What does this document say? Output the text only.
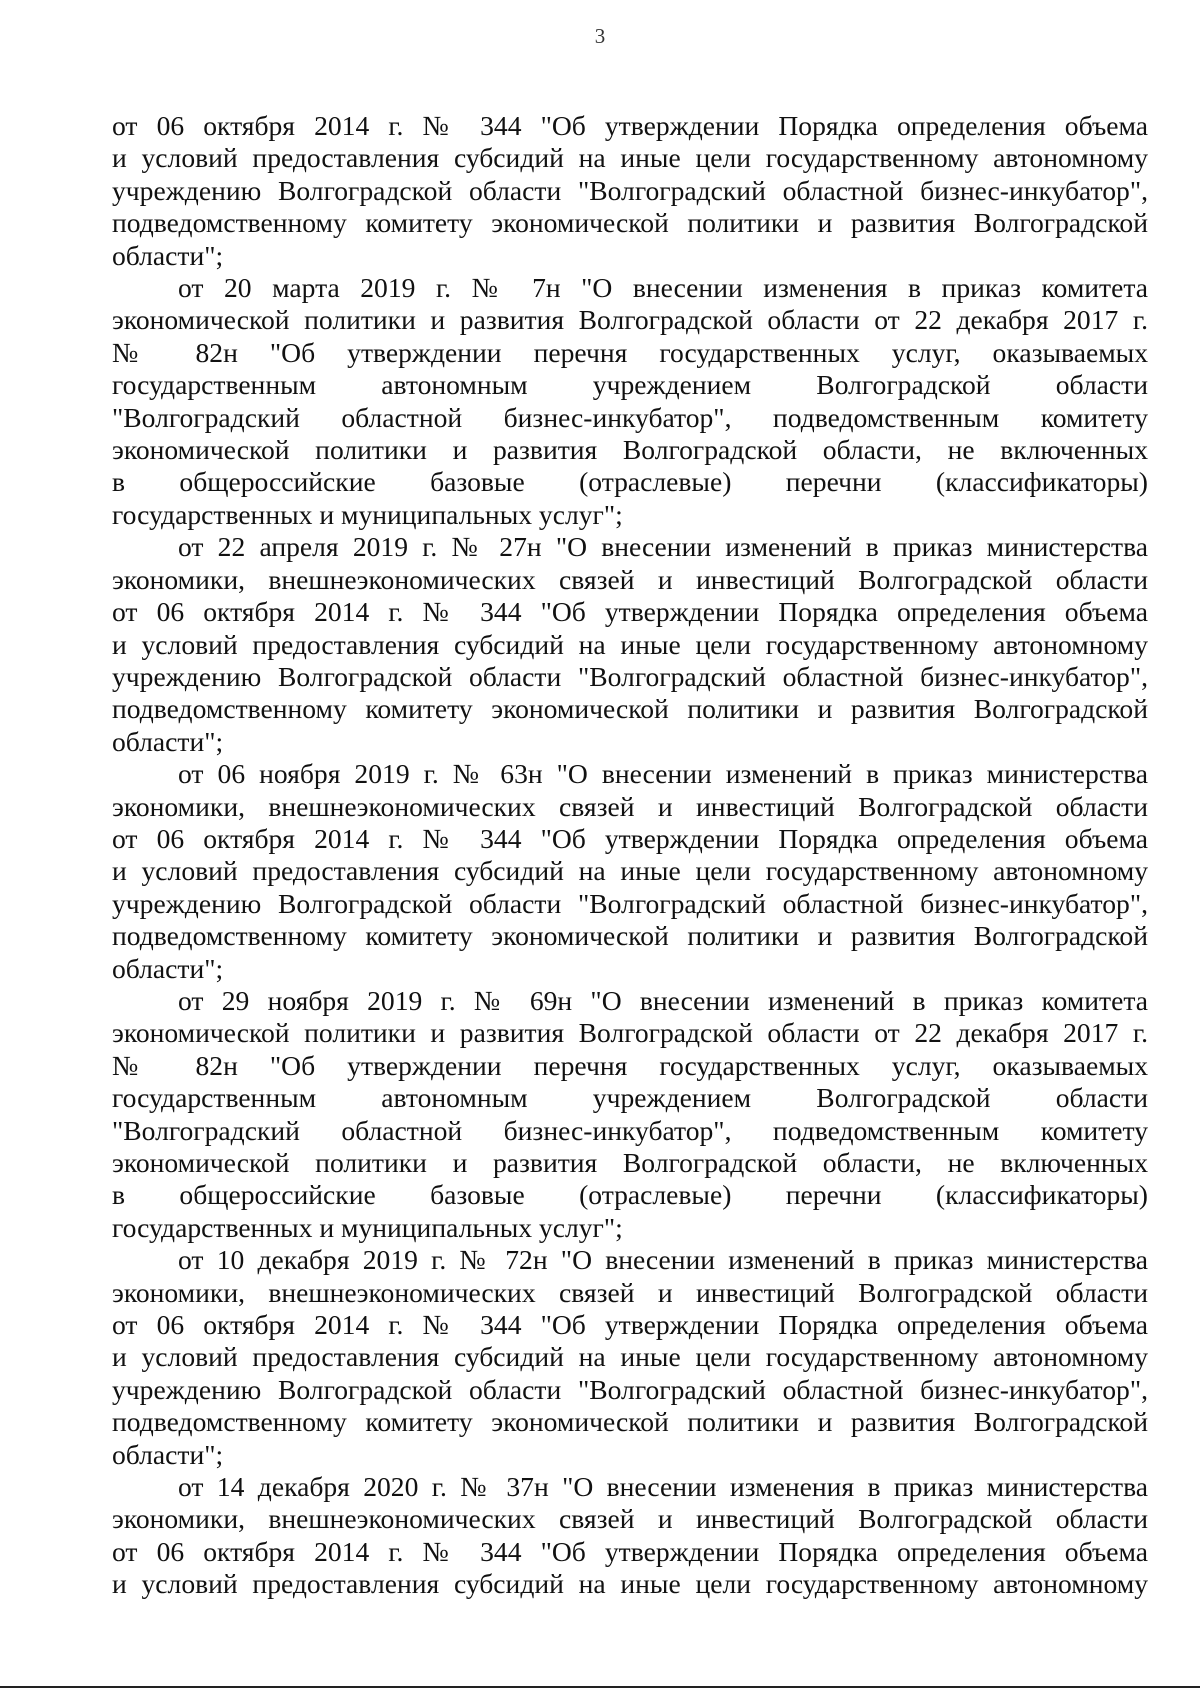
3

от 06 октября 2014 г. № 344 "Об утверждении Порядка определения объема
и условий предоставления субсидий на иные цели государственному автономному
учреждению Волгоградской области "Волгоградский областной бизнес-инкубатор",
подведомственному комитету экономической политики и развития Волгоградской
области";

от 20 марта 2019 г. № 7н "О внесении изменения в приказ комитета
экономической политики и развития Волгоградской области от 22 декабря 2017 г.
№ 82н "Об утверждении перечня государственных услуг, оказываемых
государственным автономным учреждением Волгоградской области
"Волгоградский областной бизнес-инкубатор", подведомственным комитету
экономической политики и развития Волгоградской области, не включенных
в общероссийские базовые (отраслевые) перечни (классификаторы)
государственных и муниципальных услуг";

от 22 апреля 2019 г. № 27н "О внесении изменений в приказ министерства
экономики, внешнеэкономических связей и инвестиций Волгоградской области
от 06 октября 2014 г. № 344 "Об утверждении Порядка определения объема
и условий предоставления субсидий на иные цели государственному автономному
учреждению Волгоградской области "Волгоградский областной бизнес-инкубатор",
подведомственному комитету экономической политики и развития Волгоградской
области";

от 06 ноября 2019 г. № 63н "О внесении изменений в приказ министерства
экономики, внешнеэкономических связей и инвестиций Волгоградской области
от 06 октября 2014 г. № 344 "Об утверждении Порядка определения объема
и условий предоставления субсидий на иные цели государственному автономному
учреждению Волгоградской области "Волгоградский областной бизнес-инкубатор",
подведомственному комитету экономической политики и развития Волгоградской
области";

от 29 ноября 2019 г. № 69н "О внесении изменений в приказ комитета
экономической политики и развития Волгоградской области от 22 декабря 2017 г.
№ 82н "Об утверждении перечня государственных услуг, оказываемых
государственным автономным учреждением Волгоградской области
"Волгоградский областной бизнес-инкубатор", подведомственным комитету
экономической политики и развития Волгоградской области, не включенных
в общероссийские базовые (отраслевые) перечни (классификаторы)
государственных и муниципальных услуг";

от 10 декабря 2019 г. № 72н "О внесении изменений в приказ министерства
экономики, внешнеэкономических связей и инвестиций Волгоградской области
от 06 октября 2014 г. № 344 "Об утверждении Порядка определения объема
и условий предоставления субсидий на иные цели государственному автономному
учреждению Волгоградской области "Волгоградский областной бизнес-инкубатор",
подведомственному комитету экономической политики и развития Волгоградской
области";

от 14 декабря 2020 г. № 37н "О внесении изменения в приказ министерства
экономики, внешнеэкономических связей и инвестиций Волгоградской области
от 06 октября 2014 г. № 344 "Об утверждении Порядка определения объема
и условий предоставления субсидий на иные цели государственному автономному
